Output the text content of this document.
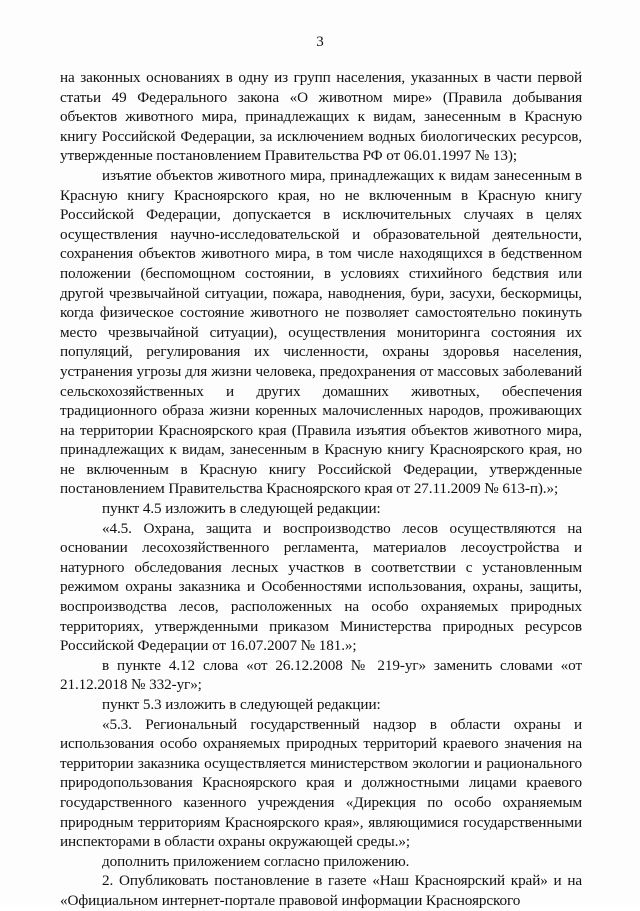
3

на законных основаниях в одну из групп населения, указанных в части первой статьи 49 Федерального закона «О животном мире» (Правила добывания объектов животного мира, принадлежащих к видам, занесенным в Красную книгу Российской Федерации, за исключением водных биологических ресурсов, утвержденные постановлением Правительства РФ от 06.01.1997 № 13);

изъятие объектов животного мира, принадлежащих к видам занесенным в Красную книгу Красноярского края, но не включенным в Красную книгу Российской Федерации, допускается в исключительных случаях в целях осуществления научно-исследовательской и образовательной деятельности, сохранения объектов животного мира, в том числе находящихся в бедственном положении (беспомощном состоянии, в условиях стихийного бедствия или другой чрезвычайной ситуации, пожара, наводнения, бури, засухи, бескормицы, когда физическое состояние животного не позволяет самостоятельно покинуть место чрезвычайной ситуации), осуществления мониторинга состояния их популяций, регулирования их численности, охраны здоровья населения, устранения угрозы для жизни человека, предохранения от массовых заболеваний сельскохозяйственных и других домашних животных, обеспечения традиционного образа жизни коренных малочисленных народов, проживающих на территории Красноярского края (Правила изъятия объектов животного мира, принадлежащих к видам, занесенным в Красную книгу Красноярского края, но не включенным в Красную книгу Российской Федерации, утвержденные постановлением Правительства Красноярского края от 27.11.2009 № 613-п).»;

пункт 4.5 изложить в следующей редакции:

«4.5. Охрана, защита и воспроизводство лесов осуществляются на основании лесохозяйственного регламента, материалов лесоустройства и натурного обследования лесных участков в соответствии с установленным режимом охраны заказника и Особенностями использования, охраны, защиты, воспроизводства лесов, расположенных на особо охраняемых природных территориях, утвержденными приказом Министерства природных ресурсов Российской Федерации от 16.07.2007 № 181.»;

в пункте 4.12 слова «от 26.12.2008 № 219-уг» заменить словами «от 21.12.2018 № 332-уг»;

пункт 5.3 изложить в следующей редакции:

«5.3. Региональный государственный надзор в области охраны и использования особо охраняемых природных территорий краевого значения на территории заказника осуществляется министерством экологии и рационального природопользования Красноярского края и должностными лицами краевого государственного казенного учреждения «Дирекция по особо охраняемым природным территориям Красноярского края», являющимися государственными инспекторами в области охраны окружающей среды.»;

дополнить приложением согласно приложению.

2. Опубликовать постановление в газете «Наш Красноярский край» и на «Официальном интернет-портале правовой информации Красноярского
